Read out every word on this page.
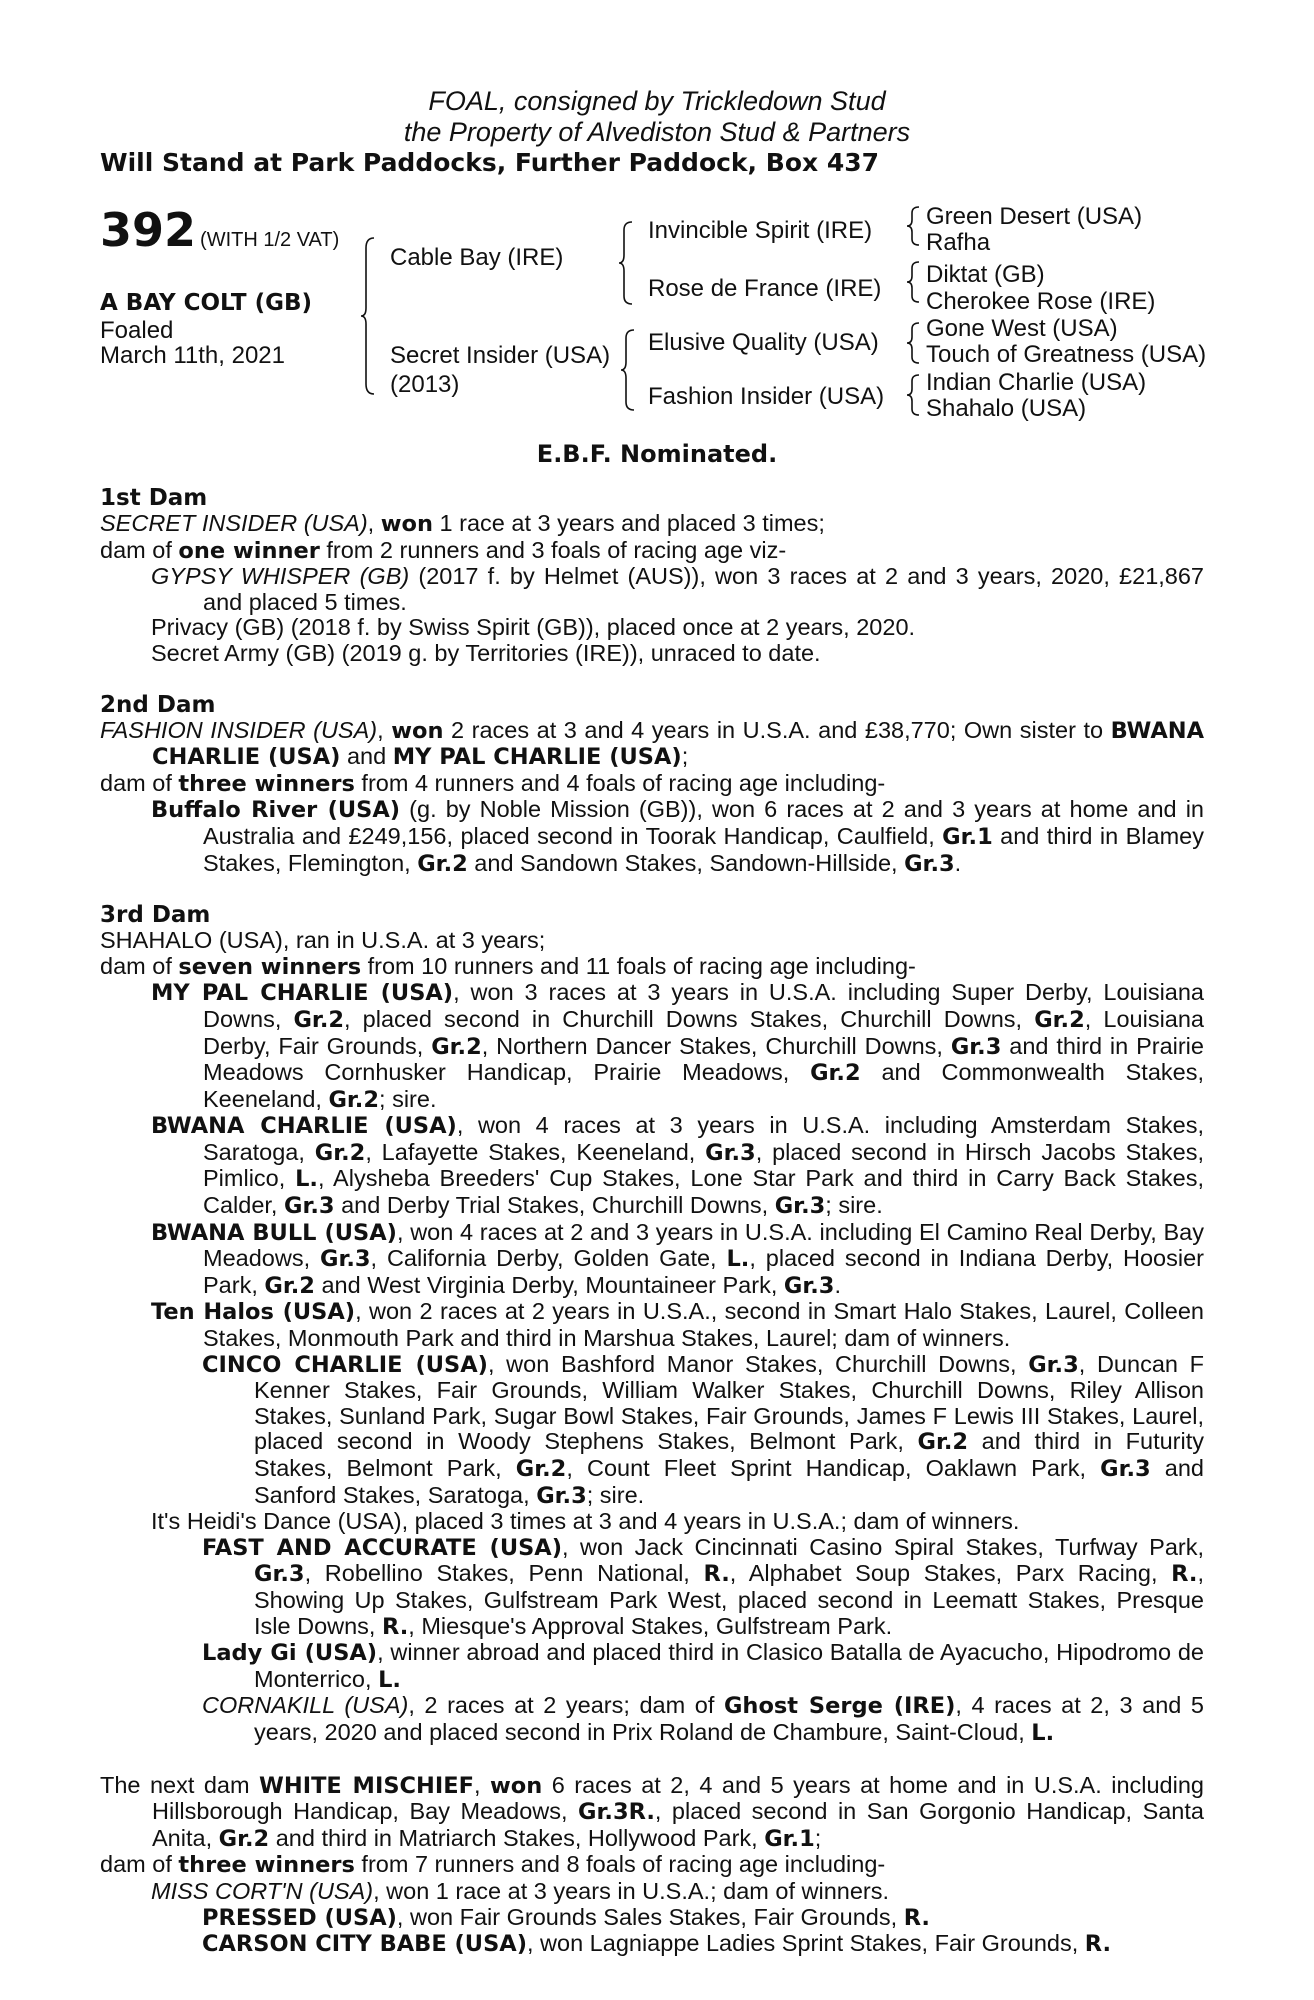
FOAL, consigned by Trickledown Stud
the Property of Alvediston Stud & Partners
Will Stand at Park Paddocks, Further Paddock, Box 437
392 (WITH 1/2 VAT)
A BAY COLT (GB)
Foaled
March 11th, 2021
Cable Bay (IRE)
Secret Insider (USA)
(2013)
Invincible Spirit (IRE)
Rose de France (IRE)
Elusive Quality (USA)
Fashion Insider (USA)
Green Desert (USA)
Rafha
Diktat (GB)
Cherokee Rose (IRE)
Gone West (USA)
Touch of Greatness (USA)
Indian Charlie (USA)
Shahalo (USA)
E.B.F. Nominated.
1st Dam

SECRET INSIDER (USA), won 1 race at 3 years and placed 3 times;

dam of one winner from 2 runners and 3 foals of racing age viz-

GYPSY WHISPER (GB) (2017 f. by Helmet (AUS)), won 3 races at 2 and 3 years, 2020, £21,867 and placed 5 times.

Privacy (GB) (2018 f. by Swiss Spirit (GB)), placed once at 2 years, 2020.

Secret Army (GB) (2019 g. by Territories (IRE)), unraced to date.

2nd Dam

FASHION INSIDER (USA), won 2 races at 3 and 4 years in U.S.A. and £38,770; Own sister to BWANA CHARLIE (USA) and MY PAL CHARLIE (USA);

dam of three winners from 4 runners and 4 foals of racing age including-

Buffalo River (USA) (g. by Noble Mission (GB)), won 6 races at 2 and 3 years at home and in Australia and £249,156, placed second in Toorak Handicap, Caulfield, Gr.1 and third in Blamey Stakes, Flemington, Gr.2 and Sandown Stakes, Sandown-Hillside, Gr.3.

3rd Dam

SHAHALO (USA), ran in U.S.A. at 3 years;

dam of seven winners from 10 runners and 11 foals of racing age including-

MY PAL CHARLIE (USA), won 3 races at 3 years in U.S.A. including Super Derby, Louisiana Downs, Gr.2, placed second in Churchill Downs Stakes, Churchill Downs, Gr.2, Louisiana Derby, Fair Grounds, Gr.2, Northern Dancer Stakes, Churchill Downs, Gr.3 and third in Prairie Meadows Cornhusker Handicap, Prairie Meadows, Gr.2 and Commonwealth Stakes, Keeneland, Gr.2; sire.

BWANA CHARLIE (USA), won 4 races at 3 years in U.S.A. including Amsterdam Stakes, Saratoga, Gr.2, Lafayette Stakes, Keeneland, Gr.3, placed second in Hirsch Jacobs Stakes, Pimlico, L., Alysheba Breeders' Cup Stakes, Lone Star Park and third in Carry Back Stakes, Calder, Gr.3 and Derby Trial Stakes, Churchill Downs, Gr.3; sire.

BWANA BULL (USA), won 4 races at 2 and 3 years in U.S.A. including El Camino Real Derby, Bay Meadows, Gr.3, California Derby, Golden Gate, L., placed second in Indiana Derby, Hoosier Park, Gr.2 and West Virginia Derby, Mountaineer Park, Gr.3.

Ten Halos (USA), won 2 races at 2 years in U.S.A., second in Smart Halo Stakes, Laurel, Colleen Stakes, Monmouth Park and third in Marshua Stakes, Laurel; dam of winners.

CINCO CHARLIE (USA), won Bashford Manor Stakes, Churchill Downs, Gr.3, Duncan F Kenner Stakes, Fair Grounds, William Walker Stakes, Churchill Downs, Riley Allison Stakes, Sunland Park, Sugar Bowl Stakes, Fair Grounds, James F Lewis III Stakes, Laurel, placed second in Woody Stephens Stakes, Belmont Park, Gr.2 and third in Futurity Stakes, Belmont Park, Gr.2, Count Fleet Sprint Handicap, Oaklawn Park, Gr.3 and Sanford Stakes, Saratoga, Gr.3; sire.

It's Heidi's Dance (USA), placed 3 times at 3 and 4 years in U.S.A.; dam of winners.

FAST AND ACCURATE (USA), won Jack Cincinnati Casino Spiral Stakes, Turfway Park, Gr.3, Robellino Stakes, Penn National, R., Alphabet Soup Stakes, Parx Racing, R., Showing Up Stakes, Gulfstream Park West, placed second in Leematt Stakes, Presque Isle Downs, R., Miesque's Approval Stakes, Gulfstream Park.

Lady Gi (USA), winner abroad and placed third in Clasico Batalla de Ayacucho, Hipodromo de Monterrico, L.

CORNAKILL (USA), 2 races at 2 years; dam of Ghost Serge (IRE), 4 races at 2, 3 and 5 years, 2020 and placed second in Prix Roland de Chambure, Saint-Cloud, L.

The next dam WHITE MISCHIEF, won 6 races at 2, 4 and 5 years at home and in U.S.A. including Hillsborough Handicap, Bay Meadows, Gr.3R., placed second in San Gorgonio Handicap, Santa Anita, Gr.2 and third in Matriarch Stakes, Hollywood Park, Gr.1;

dam of three winners from 7 runners and 8 foals of racing age including-

MISS CORT'N (USA), won 1 race at 3 years in U.S.A.; dam of winners.

PRESSED (USA), won Fair Grounds Sales Stakes, Fair Grounds, R.

CARSON CITY BABE (USA), won Lagniappe Ladies Sprint Stakes, Fair Grounds, R.
